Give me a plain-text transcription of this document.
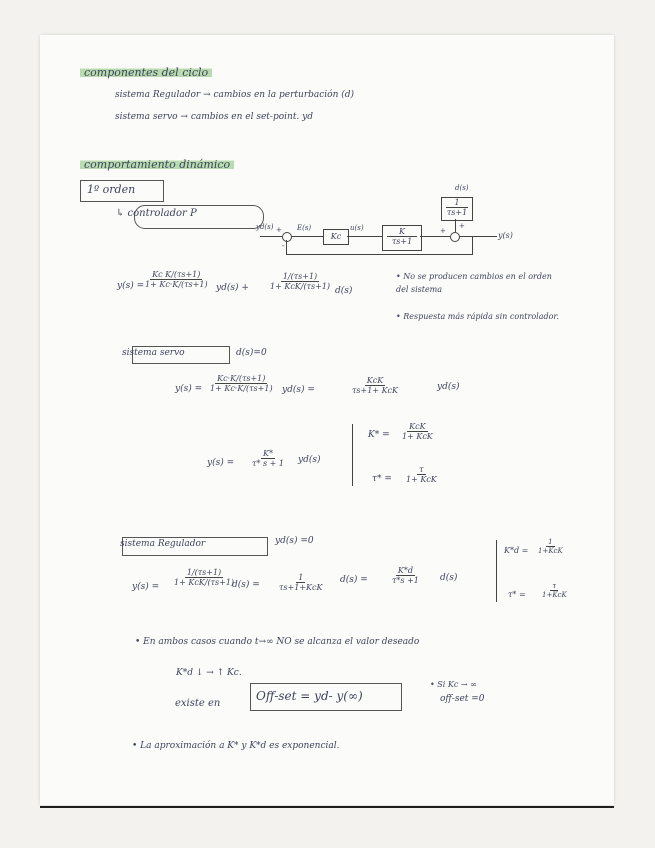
componentes del ciclo
sistema Regulador → cambios en la perturbación (d)
sistema servo → cambios en el set-point. yd
comportamiento dinámico
1º orden
↳ controlador P
yd(s) +
-
E(s)
Kc
$u(s) \frac{K}{\tau s+1}$	+
d(s)
$\frac{1}{\tau s+1}$
+
y(s)
y(s) =
$\frac{\text{Kc K/(τs+1)}}{1+ Kc\cdot K/(\tau s+1)} yd(s)$ +
1/(τs+1)
1+ KcK/(τs+1) d(s)
• No se producen cambios en el orden del sistema
• Respuesta más rápida sin controlador.
sistema servo	d(s)=0
$y(s) = \frac{Kc\cdot K/(\tau s+1)}{1+ Kc\cdot K/(\tau s+1)} yd(s)$ =
KcK
τs+1+ KcK	yd(s)
$y(s) = \frac{K*}{\tau* s + 1} yd(s)$
K* =
KcK
1+ KcK
τ* =
τ
1+ KcK
sistema Regulador	yd(s) =0
y(s) =
1/(τs+1)
1+ KcK/(τs+1)
d(s) =
1
τs+1+KcK
d(s) =	$\frac{K*d}{\tau*s +1} d(s)$
K*d =
1
1+KcK
τ* =
τ
1+KcK
• En ambos casos cuando t→∞ NO se alcanza el valor deseado
K*d ↓ → ↑ Kc.
existe en
Off-set = yd- y(∞)
• Si Kc → ∞
off-set =0
• La aproximación a K* y K*d es exponencial.
